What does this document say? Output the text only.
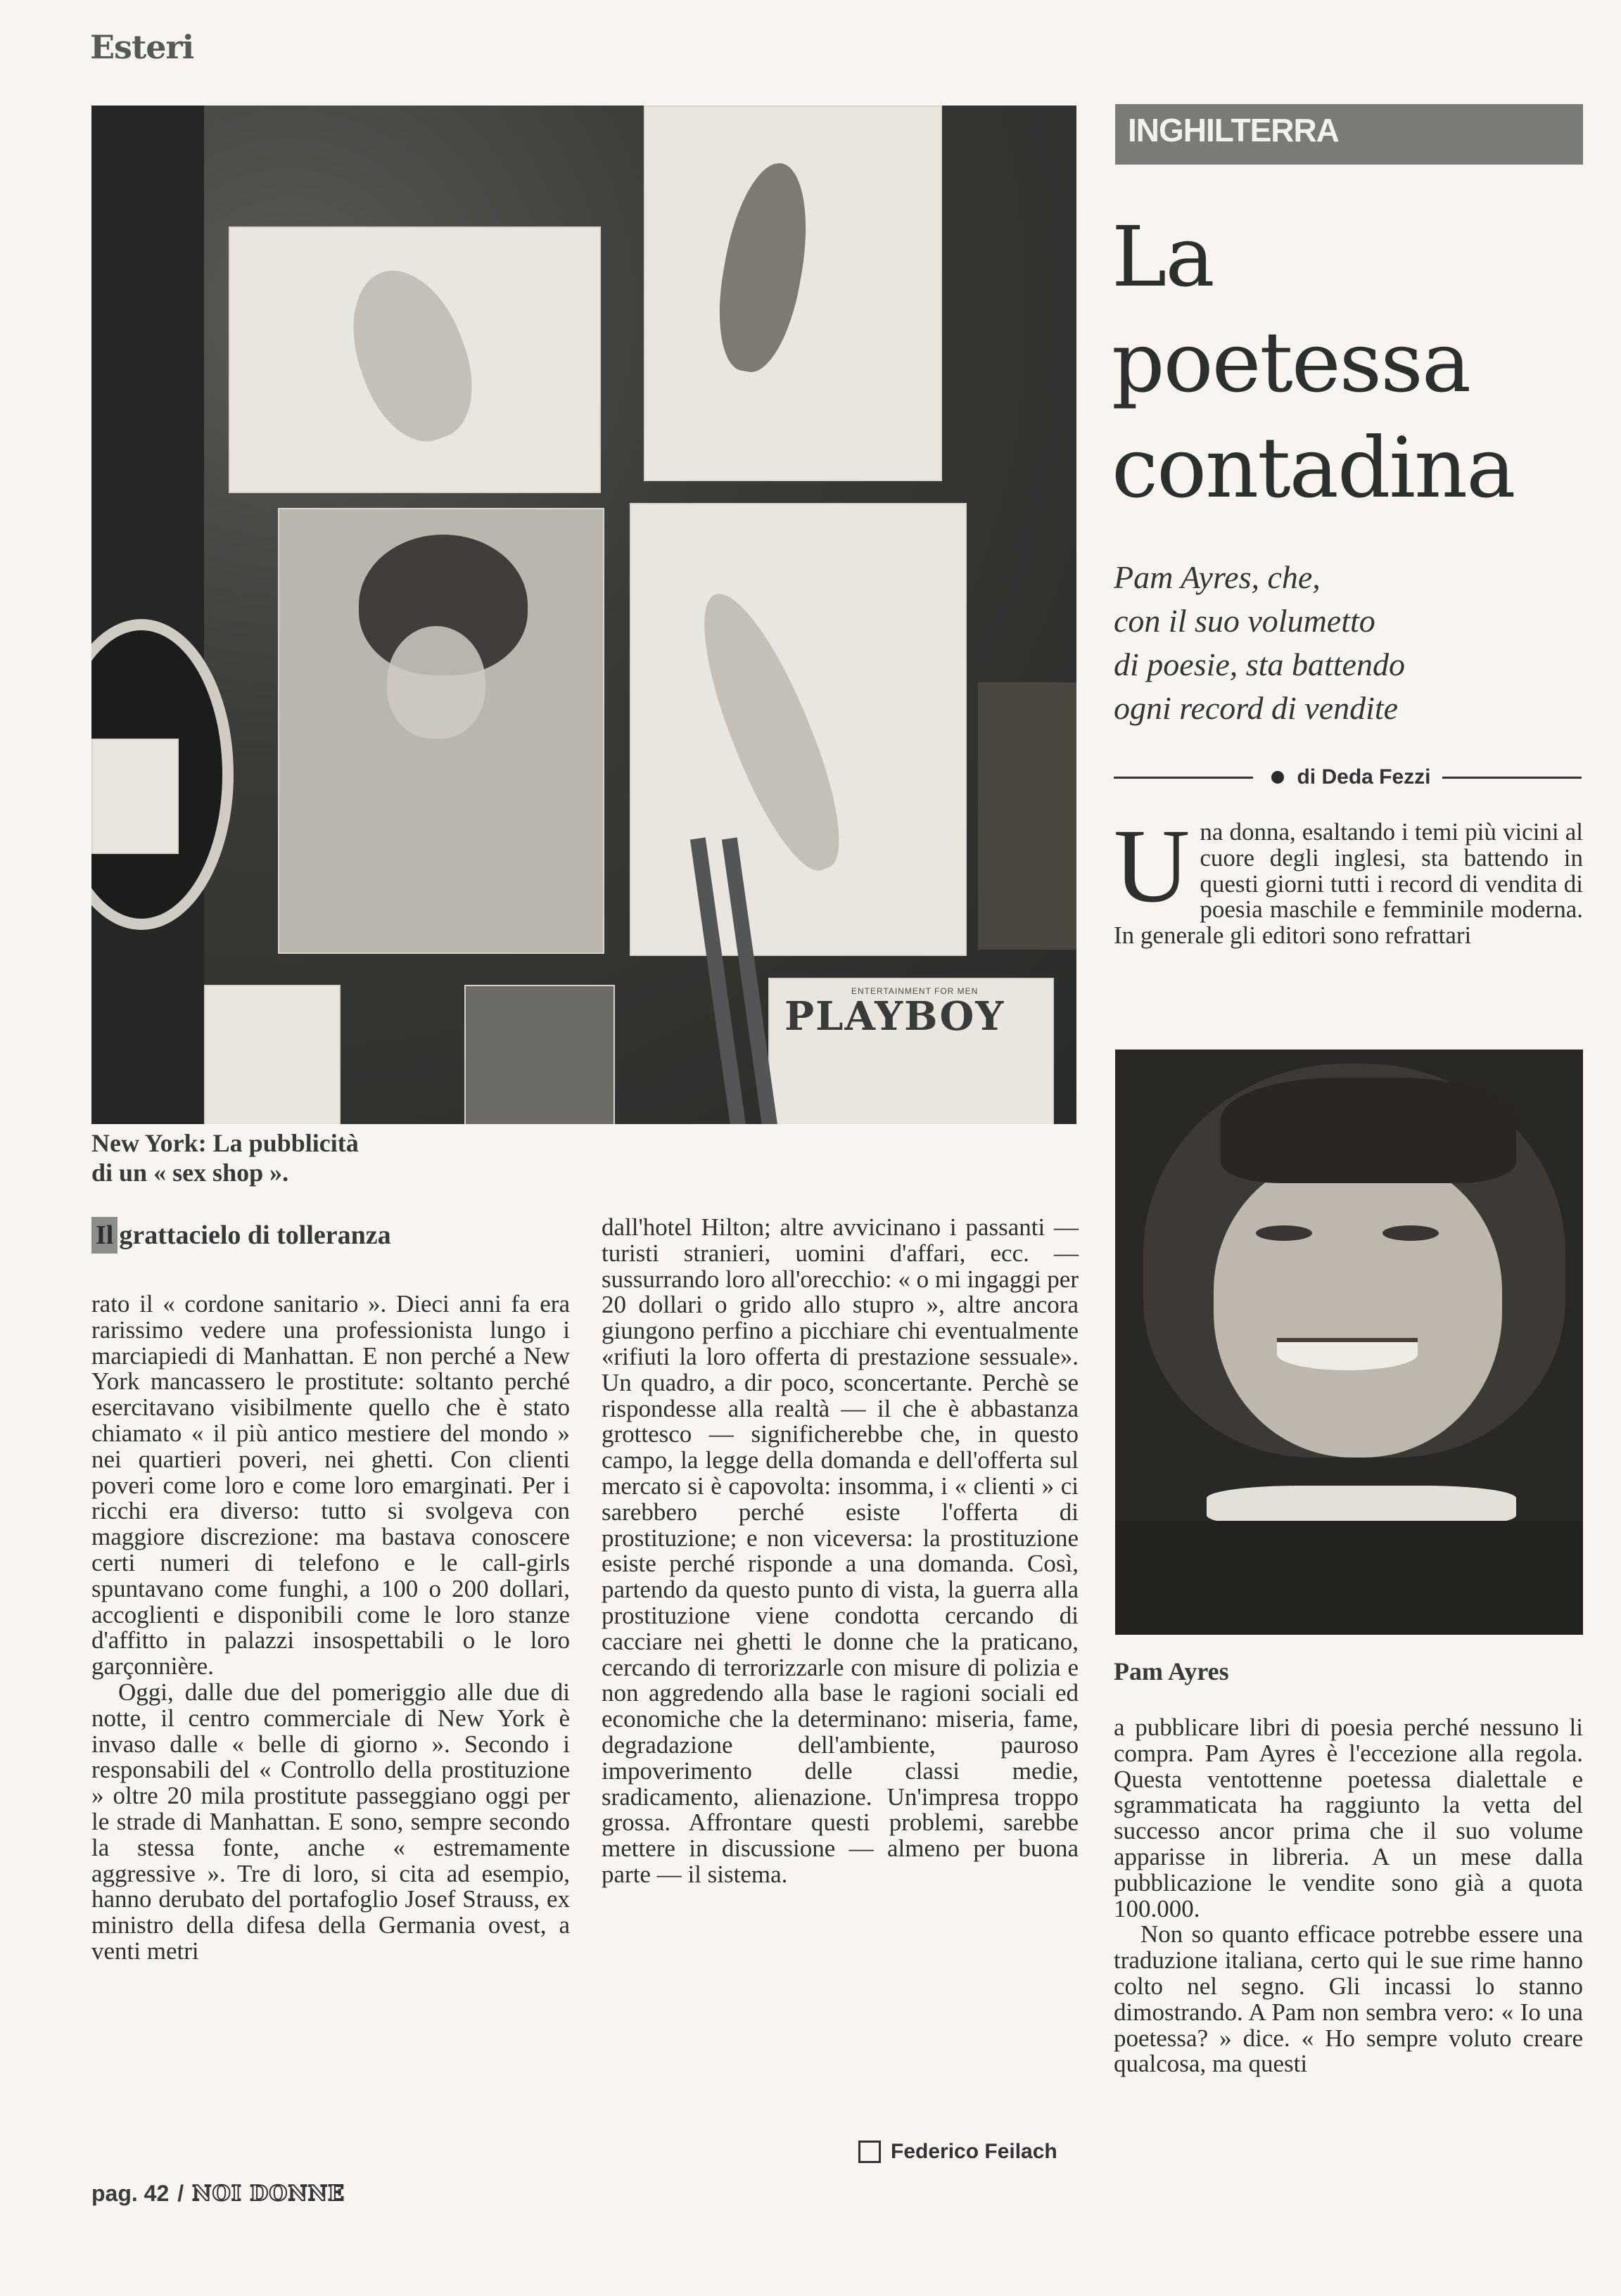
Esteri
ENTERTAINMENT FOR MEN
PLAYBOY
New York: La pubblicità
di un « sex shop ».
Il grattacielo di tolleranza

rato il « cordone sanitario ». Dieci anni fa era rarissimo vedere una professionista lungo i marciapiedi di Manhattan. E non perché a New York mancassero le prostitute: soltanto perché esercitavano visibilmente quello che è stato chiamato « il più antico mestiere del mondo » nei quartieri poveri, nei ghetti. Con clienti poveri come loro e come loro emarginati. Per i ricchi era diverso: tutto si svolgeva con maggiore discrezione: ma bastava conoscere certi numeri di telefono e le call-girls spuntavano come funghi, a 100 o 200 dollari, accoglienti e disponibili come le loro stanze d'affitto in palazzi insospettabili o le loro garçonnière.

Oggi, dalle due del pomeriggio alle due di notte, il centro commerciale di New York è invaso dalle « belle di giorno ». Secondo i responsabili del « Controllo della prostituzione » oltre 20 mila prostitute passeggiano oggi per le strade di Manhattan. E sono, sempre secondo la stessa fonte, anche « estremamente aggressive ». Tre di loro, si cita ad esempio, hanno derubato del portafoglio Josef Strauss, ex ministro della difesa della Germania ovest, a venti metri

dall'hotel Hilton; altre avvicinano i passanti — turisti stranieri, uomini d'affari, ecc. — sussurrando loro all'orecchio: « o mi ingaggi per 20 dollari o grido allo stupro », altre ancora giungono perfino a picchiare chi eventualmente «rifiuti la loro offerta di prestazione sessuale». Un quadro, a dir poco, sconcertante. Perchè se rispondesse alla realtà — il che è abbastanza grottesco — significherebbe che, in questo campo, la legge della domanda e dell'offerta sul mercato si è capovolta: insomma, i « clienti » ci sarebbero perché esiste l'offerta di prostituzione; e non viceversa: la prostituzione esiste perché risponde a una domanda. Così, partendo da questo punto di vista, la guerra alla prostituzione viene condotta cercando di cacciare nei ghetti le donne che la praticano, cercando di terrorizzarle con misure di polizia e non aggredendo alla base le ragioni sociali ed economiche che la determinano: miseria, fame, degradazione dell'ambiente, pauroso impoverimento delle classi medie, sradicamento, alienazione. Un'impresa troppo grossa. Affrontare questi problemi, sarebbe mettere in discussione — almeno per buona parte — il sistema.

Federico Feilach
INGHILTERRA
La
poetessa
contadina
Pam Ayres, che,
con il suo volumetto
di poesie, sta battendo
ogni record di vendite
di Deda Fezzi
U na donna, esaltando i temi più vicini al cuore degli inglesi, sta battendo in questi giorni tutti i record di vendita di poesia maschile e femminile moderna. In generale gli editori sono refrattari
Pam Ayres

a pubblicare libri di poesia perché nessuno li compra. Pam Ayres è l'eccezione alla regola. Questa ventottenne poetessa dialettale e sgrammaticata ha raggiunto la vetta del successo ancor prima che il suo volume apparisse in libreria. A un mese dalla pubblicazione le vendite sono già a quota 100.000.

Non so quanto efficace potrebbe essere una traduzione italiana, certo qui le sue rime hanno colto nel segno. Gli incassi lo stanno dimostrando. A Pam non sembra vero: « Io una poetessa? » dice. « Ho sempre voluto creare qualcosa, ma questi

pag. 42 / NOI DONNE
